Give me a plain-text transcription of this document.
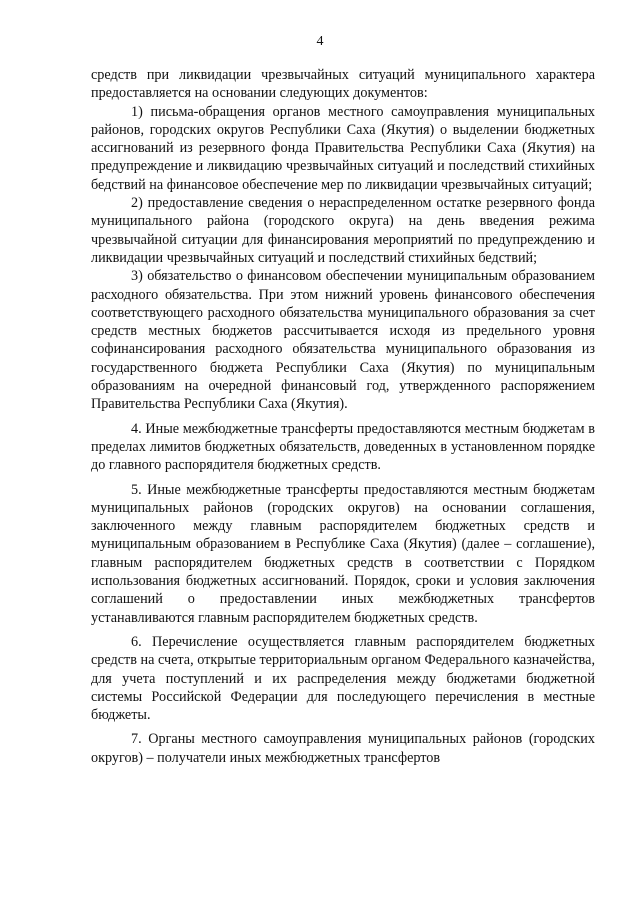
4

средств при ликвидации чрезвычайных ситуаций муниципального характера предоставляется на основании следующих документов:

1) письма-обращения органов местного самоуправления муниципальных районов, городских округов Республики Саха (Якутия) о выделении бюджетных ассигнований из резервного фонда Правительства Республики Саха (Якутия) на предупреждение и ликвидацию чрезвычайных ситуаций и последствий стихийных бедствий на финансовое обеспечение мер по ликвидации чрезвычайных ситуаций;

2) предоставление сведения о нераспределенном остатке резервного фонда муниципального района (городского округа) на день введения режима чрезвычайной ситуации для финансирования мероприятий по предупреждению и ликвидации чрезвычайных ситуаций и последствий стихийных бедствий;

3) обязательство о финансовом обеспечении муниципальным образованием расходного обязательства. При этом нижний уровень финансового обеспечения соответствующего расходного обязательства муниципального образования за счет средств местных бюджетов рассчитывается исходя из предельного уровня софинансирования расходного обязательства муниципального образования из государственного бюджета Республики Саха (Якутия) по муниципальным образованиям на очередной финансовый год, утвержденного распоряжением Правительства Республики Саха (Якутия).

4. Иные межбюджетные трансферты предоставляются местным бюджетам в пределах лимитов бюджетных обязательств, доведенных в установленном порядке до главного распорядителя бюджетных средств.

5. Иные межбюджетные трансферты предоставляются местным бюджетам муниципальных районов (городских округов) на основании соглашения, заключенного между главным распорядителем бюджетных средств и муниципальным образованием в Республике Саха (Якутия) (далее – соглашение), главным распорядителем бюджетных средств в соответствии с Порядком использования бюджетных ассигнований. Порядок, сроки и условия заключения соглашений о предоставлении иных межбюджетных трансфертов устанавливаются главным распорядителем бюджетных средств.

6. Перечисление осуществляется главным распорядителем бюджетных средств на счета, открытые территориальным органом Федерального казначейства, для учета поступлений и их распределения между бюджетами бюджетной системы Российской Федерации для последующего перечисления в местные бюджеты.

7. Органы местного самоуправления муниципальных районов (городских округов) – получатели иных межбюджетных трансфертов
